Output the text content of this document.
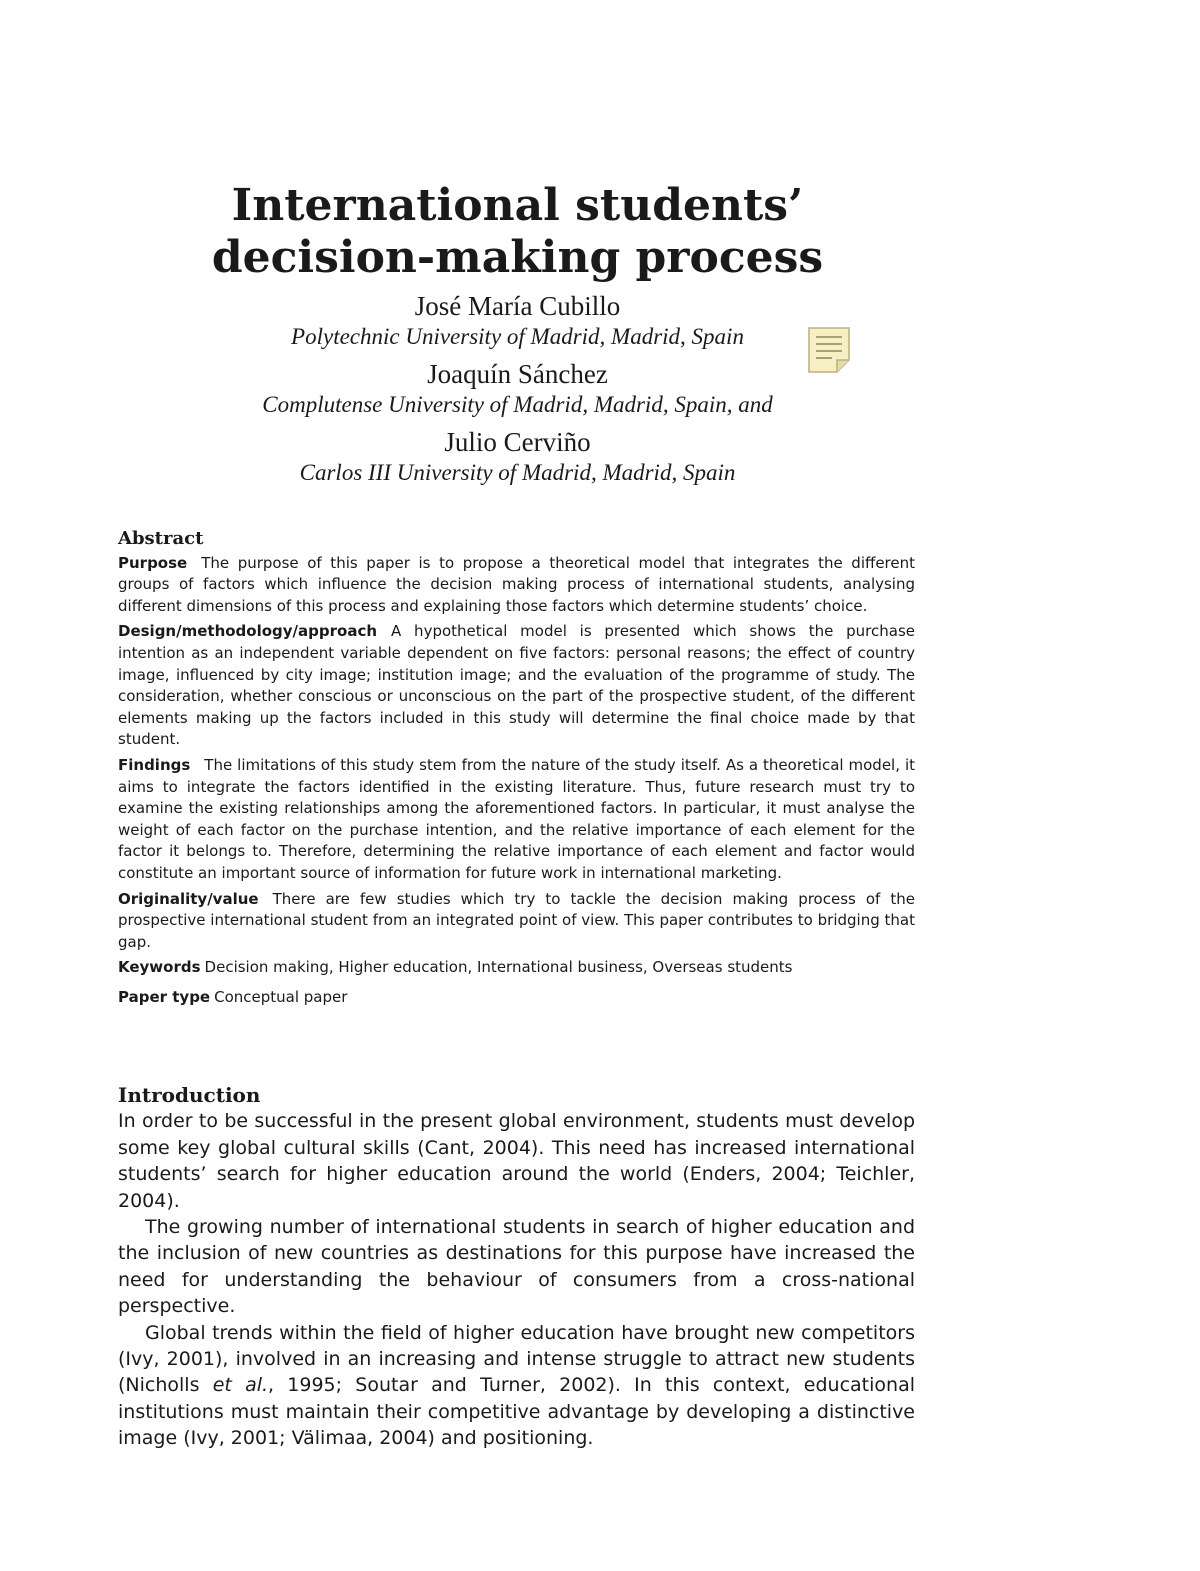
International students’
decision-making process
José María Cubillo
Polytechnic University of Madrid, Madrid, Spain
Joaquín Sánchez
Complutense University of Madrid, Madrid, Spain, and
Julio Cerviño
Carlos III University of Madrid, Madrid, Spain
Abstract

Purpose The purpose of this paper is to propose a theoretical model that integrates the different groups of factors which influence the decision making process of international students, analysing different dimensions of this process and explaining those factors which determine students’ choice.

Design/methodology/approach A hypothetical model is presented which shows the purchase intention as an independent variable dependent on five factors: personal reasons; the effect of country image, influenced by city image; institution image; and the evaluation of the programme of study. The consideration, whether conscious or unconscious on the part of the prospective student, of the different elements making up the factors included in this study will determine the final choice made by that student.

Findings The limitations of this study stem from the nature of the study itself. As a theoretical model, it aims to integrate the factors identified in the existing literature. Thus, future research must try to examine the existing relationships among the aforementioned factors. In particular, it must analyse the weight of each factor on the purchase intention, and the relative importance of each element for the factor it belongs to. Therefore, determining the relative importance of each element and factor would constitute an important source of information for future work in international marketing.

Originality/value There are few studies which try to tackle the decision making process of the prospective international student from an integrated point of view. This paper contributes to bridging that gap.

Keywords Decision making, Higher education, International business, Overseas students

Paper type Conceptual paper

Introduction

In order to be successful in the present global environment, students must develop some key global cultural skills (Cant, 2004). This need has increased international students’ search for higher education around the world (Enders, 2004; Teichler, 2004).

The growing number of international students in search of higher education and the inclusion of new countries as destinations for this purpose have increased the need for understanding the behaviour of consumers from a cross-national perspective.

Global trends within the field of higher education have brought new competitors (Ivy, 2001), involved in an increasing and intense struggle to attract new students (Nicholls et al., 1995; Soutar and Turner, 2002). In this context, educational institutions must maintain their competitive advantage by developing a distinctive image (Ivy, 2001; Välimaa, 2004) and positioning.
